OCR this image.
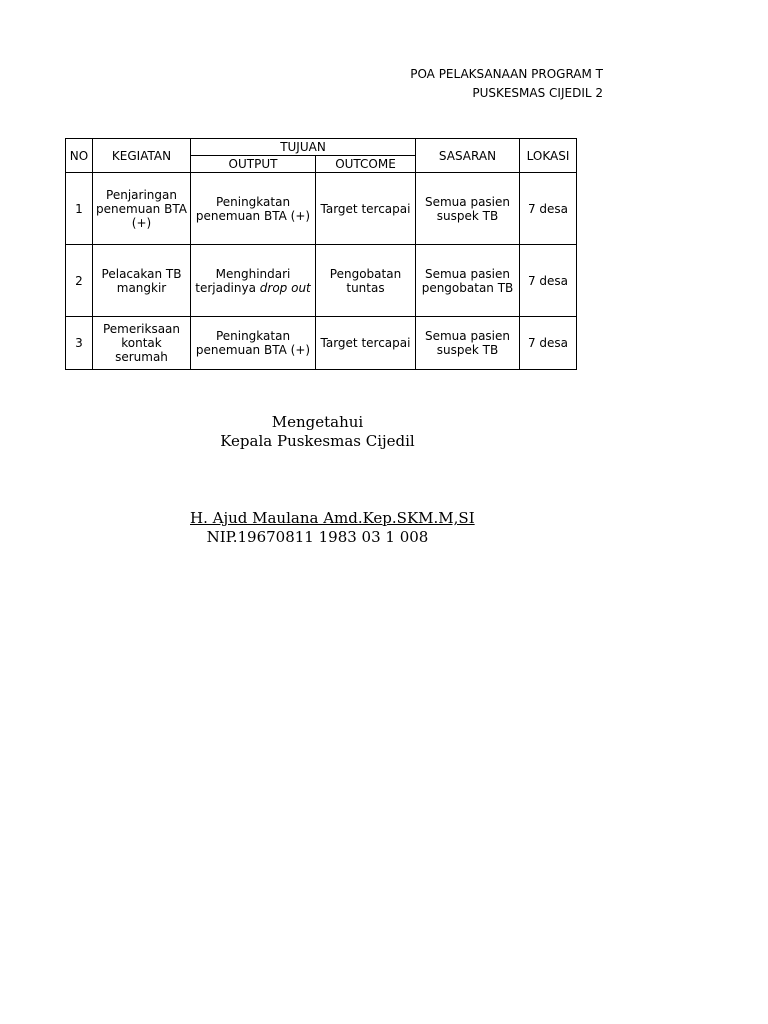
POA PELAKSANAAN PROGRAM T
PUSKESMAS CIJEDIL 2
NO	KEGIATAN	TUJUAN		SASARAN	LOKASI
		OUTPUT	OUTCOME		
1	Penjaringan penemuan BTA (+)	Peningkatan penemuan BTA (+)	Target tercapai	Semua pasien suspek TB	7 desa
2	Pelacakan TB mangkir	Menghindari terjadinya drop out	Pengobatan tuntas	Semua pasien pengobatan TB	7 desa
3	Pemeriksaan kontak serumah	Peningkatan penemuan BTA (+)	Target tercapai	Semua pasien suspek TB	7 desa
Mengetahui
Kepala Puskesmas Cijedil
H. Ajud Maulana Amd.Kep.SKM.M,SI
NIP.19670811 1983 03 1 008
